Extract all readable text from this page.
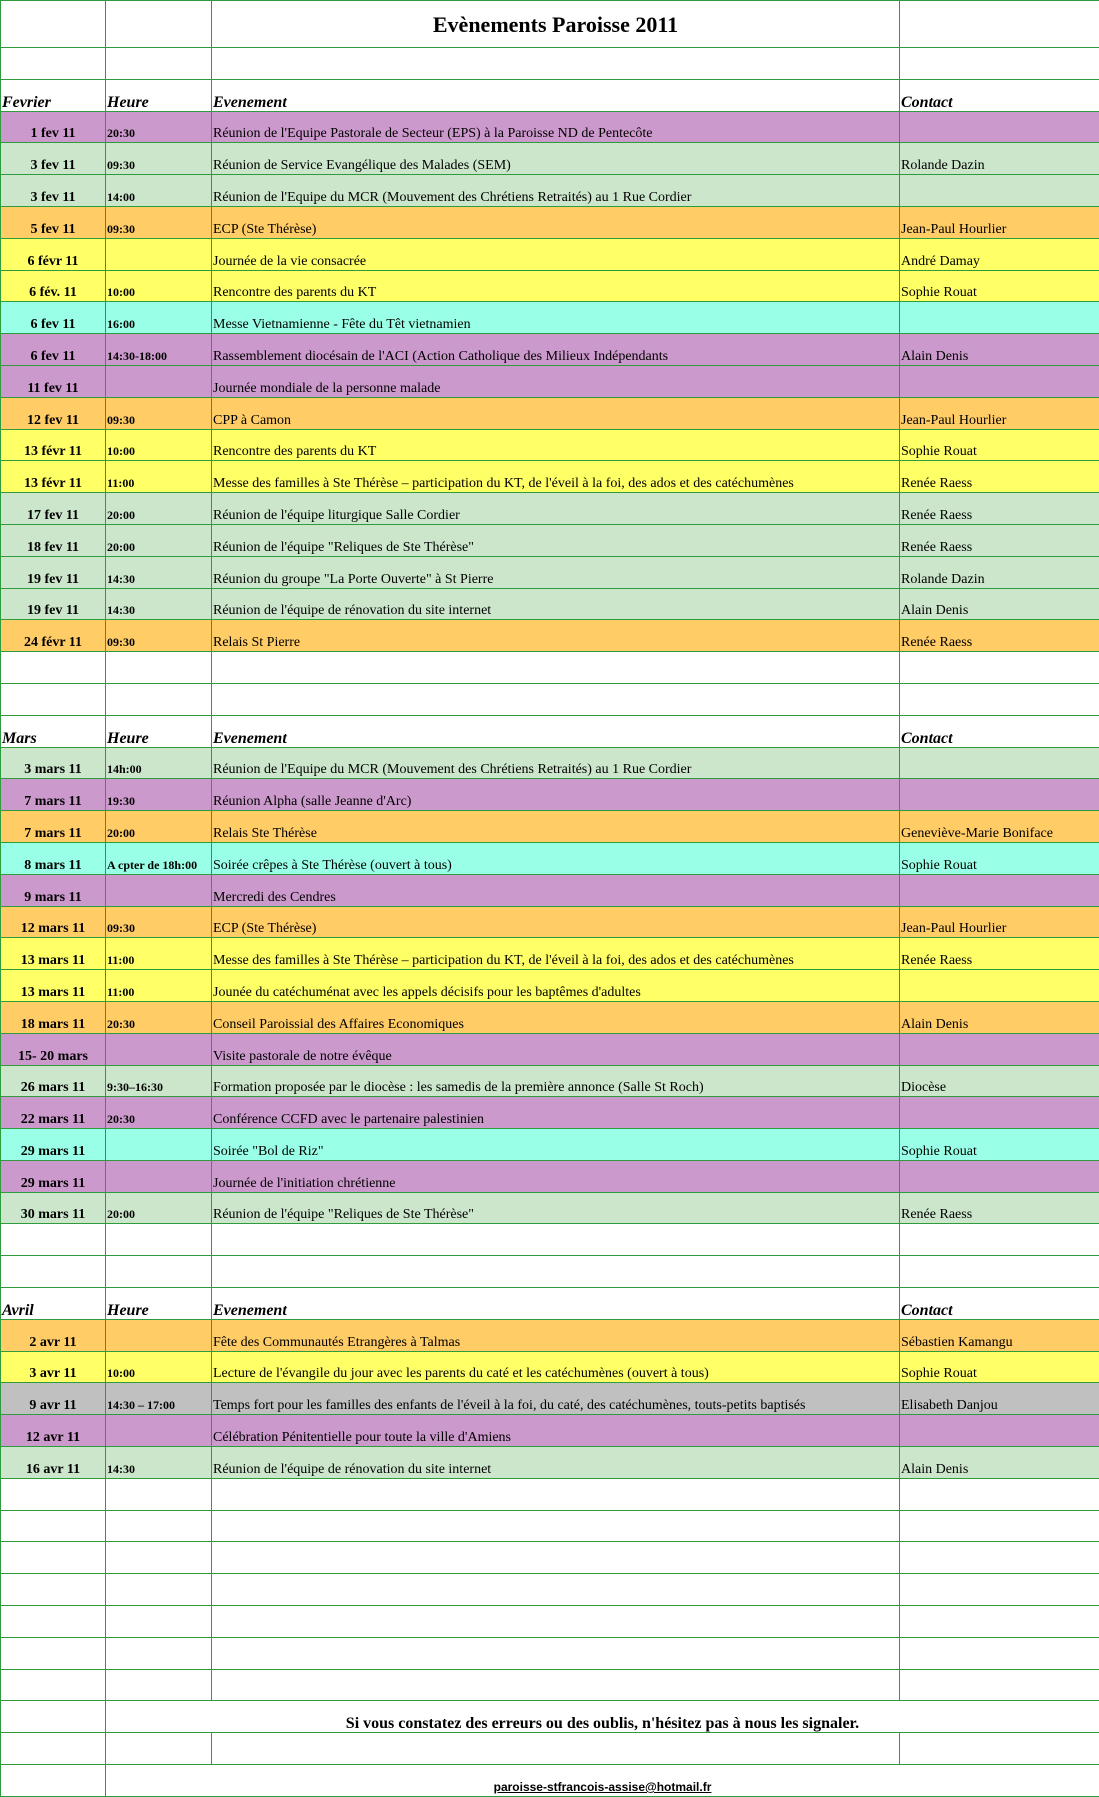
		Evènements Paroisse 2011	

Fevrier	Heure	Evenement	Contact
1 fev 11	20:30	Réunion de l'Equipe Pastorale de Secteur (EPS) à la Paroisse ND de Pentecôte	
3 fev 11	09:30	Réunion de Service Evangélique des Malades (SEM)	Rolande Dazin
3 fev 11	14:00	Réunion de l'Equipe du MCR (Mouvement des Chrétiens Retraités) au 1 Rue Cordier	
5 fev 11	09:30	ECP (Ste Thérèse)	Jean-Paul Hourlier
6 févr 11		Journée de la vie consacrée	André Damay
6 fév. 11	10:00	Rencontre des parents du KT	Sophie Rouat
6 fev 11	16:00	Messe Vietnamienne - Fête du Têt vietnamien	
6 fev 11	14:30-18:00	Rassemblement diocésain de l'ACI (Action Catholique des Milieux Indépendants	Alain Denis
11 fev 11		Journée mondiale de la personne malade	
12 fev 11	09:30	CPP à Camon	Jean-Paul Hourlier
13 févr 11	10:00	Rencontre des parents du KT	Sophie Rouat
13 févr 11	11:00	Messe des familles à Ste Thérèse – participation du KT, de l'éveil à la foi, des ados et des catéchumènes	Renée Raess
17 fev 11	20:00	Réunion de l'équipe liturgique Salle Cordier	Renée Raess
18 fev 11	20:00	Réunion de l'équipe "Reliques de Ste Thérèse"	Renée Raess
19 fev 11	14:30	Réunion du groupe "La Porte Ouverte" à St Pierre	Rolande Dazin
19 fev 11	14:30	Réunion de l'équipe de rénovation du site internet	Alain Denis
24 févr 11	09:30	Relais St Pierre	Renée Raess

Mars	Heure	Evenement	Contact
3 mars 11	14h:00	Réunion de l'Equipe du MCR (Mouvement des Chrétiens Retraités) au 1 Rue Cordier	
7 mars 11	19:30	Réunion Alpha (salle Jeanne d'Arc)	
7 mars 11	20:00	Relais Ste Thérèse	Geneviève-Marie Boniface
8 mars 11	A cpter de 18h:00	Soirée crêpes à Ste Thérèse (ouvert à tous)	Sophie Rouat
9 mars 11		Mercredi des Cendres	
12 mars 11	09:30	ECP (Ste Thérèse)	Jean-Paul Hourlier
13 mars 11	11:00	Messe des familles à Ste Thérèse – participation du KT, de l'éveil à la foi, des ados et des catéchumènes	Renée Raess
13 mars 11	11:00	Jounée du catéchuménat avec les appels décisifs pour les baptêmes d'adultes	
18 mars 11	20:30	Conseil Paroissial des Affaires Economiques	Alain Denis
15- 20 mars		Visite pastorale de notre évêque	
26 mars 11	9:30–16:30	Formation proposée par le diocèse : les samedis de la première annonce (Salle St Roch)	Diocèse
22 mars 11	20:30	Conférence CCFD avec le partenaire palestinien	
29 mars 11		Soirée "Bol de Riz"	Sophie Rouat
29 mars 11		Journée de l'initiation chrétienne	
30 mars 11	20:00	Réunion de l'équipe "Reliques de Ste Thérèse"	Renée Raess

Avril	Heure	Evenement	Contact
2 avr 11		Fête des Communautés Etrangères à Talmas	Sébastien Kamangu
3 avr 11	10:00	Lecture de l'évangile du jour avec les parents du caté et les catéchumènes (ouvert à tous)	Sophie Rouat
9 avr 11	14:30 – 17:00	Temps fort pour les familles des enfants de l'éveil à la foi, du caté, des catéchumènes, touts-petits baptisés	Elisabeth Danjou
12 avr 11		Célébration Pénitentielle pour toute la ville d'Amiens	
16 avr 11	14:30	Réunion de l'équipe de rénovation du site internet	Alain Denis

	Si vous constatez des erreurs ou des oublis, n'hésitez pas à nous les signaler.		

	paroisse-stfrancois-assise@hotmail.fr		
